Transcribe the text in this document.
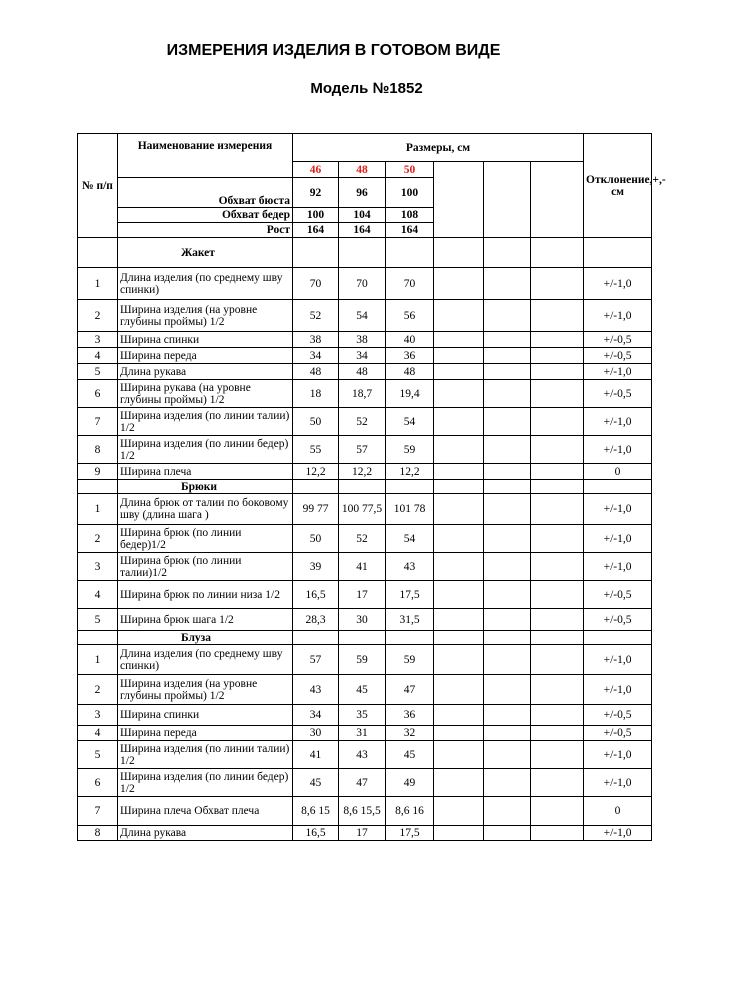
ИЗМЕРЕНИЯ ИЗДЕЛИЯ В ГОТОВОМ ВИДЕ
Модель №1852
№ п/п	Наименование измерения	Размеры, см						Отклонение,+,- см
		46	48	50				
	Обхват бюста	92	96	100				
	Обхват бедер	100	104	108				
	Рост	164	164	164				
	Жакет							
1	Длина изделия (по среднему шву спинки)	70	70	70				+/-1,0
2	Ширина изделия (на уровне глубины проймы) 1/2	52	54	56				+/-1,0
3	Ширина спинки	38	38	40				+/-0,5
4	Ширина переда	34	34	36				+/-0,5
5	Длина рукава	48	48	48				+/-1,0
6	Ширина рукава (на уровне глубины проймы) 1/2	18	18,7	19,4				+/-0,5
7	Ширина изделия (по линии талии) 1/2	50	52	54				+/-1,0
8	Ширина изделия (по линии бедер) 1/2	55	57	59				+/-1,0
9	Ширина плеча	12,2	12,2	12,2				0
	Брюки							
1	Длина брюк от талии по боковому шву (длина шага )	99 77	100 77,5	101 78				+/-1,0
2	Ширина брюк (по линии бедер)1/2	50	52	54				+/-1,0
3	Ширина брюк (по линии талии)1/2	39	41	43				+/-1,0
4	Ширина брюк по линии низа 1/2	16,5	17	17,5				+/-0,5
5	Ширина брюк шага 1/2	28,3	30	31,5				+/-0,5
	Блуза							
1	Длина изделия (по среднему шву спинки)	57	59	59				+/-1,0
2	Ширина изделия (на уровне глубины проймы) 1/2	43	45	47				+/-1,0
3	Ширина спинки	34	35	36				+/-0,5
4	Ширина переда	30	31	32				+/-0,5
5	Ширина изделия (по линии талии) 1/2	41	43	45				+/-1,0
6	Ширина изделия (по линии бедер) 1/2	45	47	49				+/-1,0
7	Ширина плеча Обхват плеча	8,6 15	8,6 15,5	8,6 16				0
8	Длина рукава	16,5	17	17,5				+/-1,0
